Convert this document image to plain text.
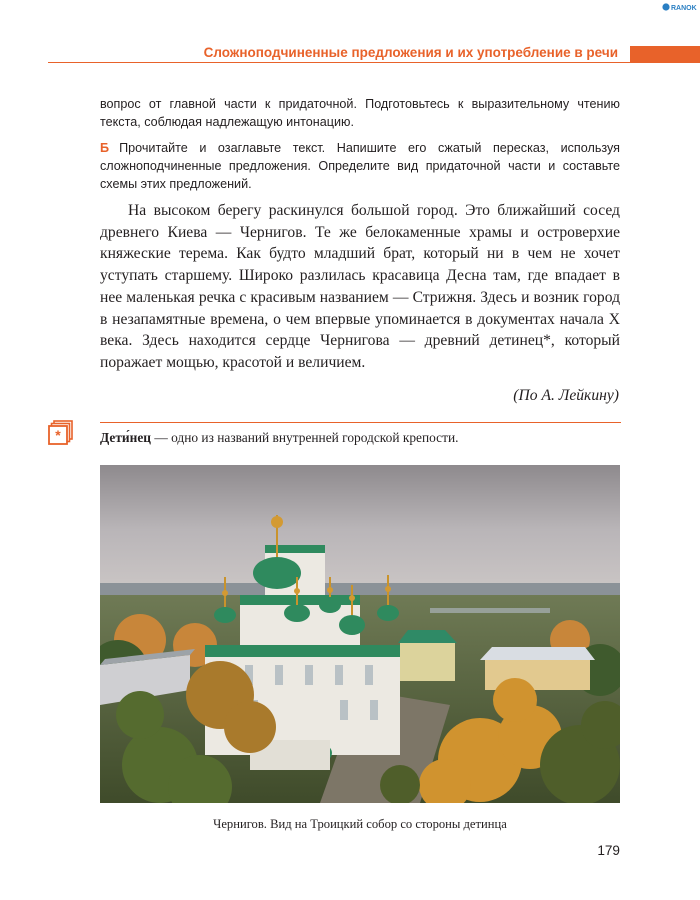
RANOK
Сложноподчиненные предложения и их употребление в речи
вопрос от главной части к придаточной. Подготовьтесь к выразительному чтению текста, соблюдая надлежащую интонацию.
Б Прочитайте и озаглавьте текст. Напишите его сжатый пересказ, используя сложноподчиненные предложения. Определите вид придаточной части и составьте схемы этих предложений.
На высоком берегу раскинулся большой город. Это ближайший сосед древнего Киева — Чернигов. Те же белокаменные храмы и островерхие княжеские терема. Как будто младший брат, который ни в чем не хочет уступать старшему. Широко разлилась красавица Десна там, где впадает в нее маленькая речка с красивым названием — Стрижня. Здесь и возник город в незапамятные времена, о чем впервые упоминается в документах начала Х века. Здесь находится сердце Чернигова — древний детинец*, который поражает мощью, красотой и величием.
(По А. Лейкину)
*	Дети́нец — одно из названий внутренней городской крепости.
Чернигов. Вид на Троицкий собор со стороны детинца
179
